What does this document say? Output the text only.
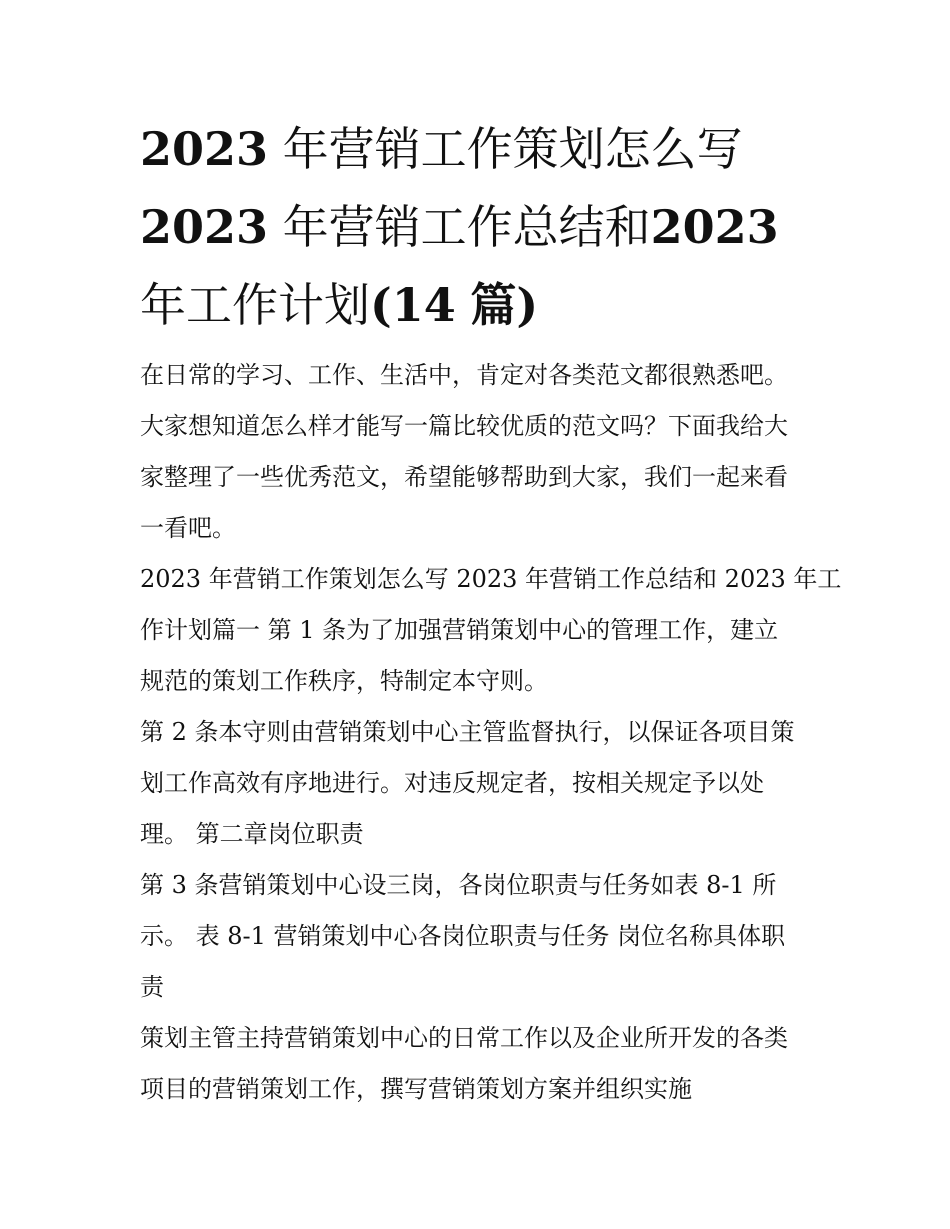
2023 年营销工作策划怎么写
2023 年营销工作总结和2023
年工作计划(14 篇)

在日常的学习、工作、生活中，肯定对各类范文都很熟悉吧。
大家想知道怎么样才能写一篇比较优质的范文吗？下面我给大
家整理了一些优秀范文，希望能够帮助到大家，我们一起来看
一看吧。

2023 年营销工作策划怎么写 2023 年营销工作总结和 2023 年工
作计划篇一 第 1 条为了加强营销策划中心的管理工作，建立
规范的策划工作秩序，特制定本守则。

第 2 条本守则由营销策划中心主管监督执行，以保证各项目策
划工作高效有序地进行。对违反规定者，按相关规定予以处
理。 第二章岗位职责

第 3 条营销策划中心设三岗，各岗位职责与任务如表 8-1 所
示。 表 8-1 营销策划中心各岗位职责与任务 岗位名称具体职
责

策划主管主持营销策划中心的日常工作以及企业所开发的各类
项目的营销策划工作，撰写营销策划方案并组织实施
